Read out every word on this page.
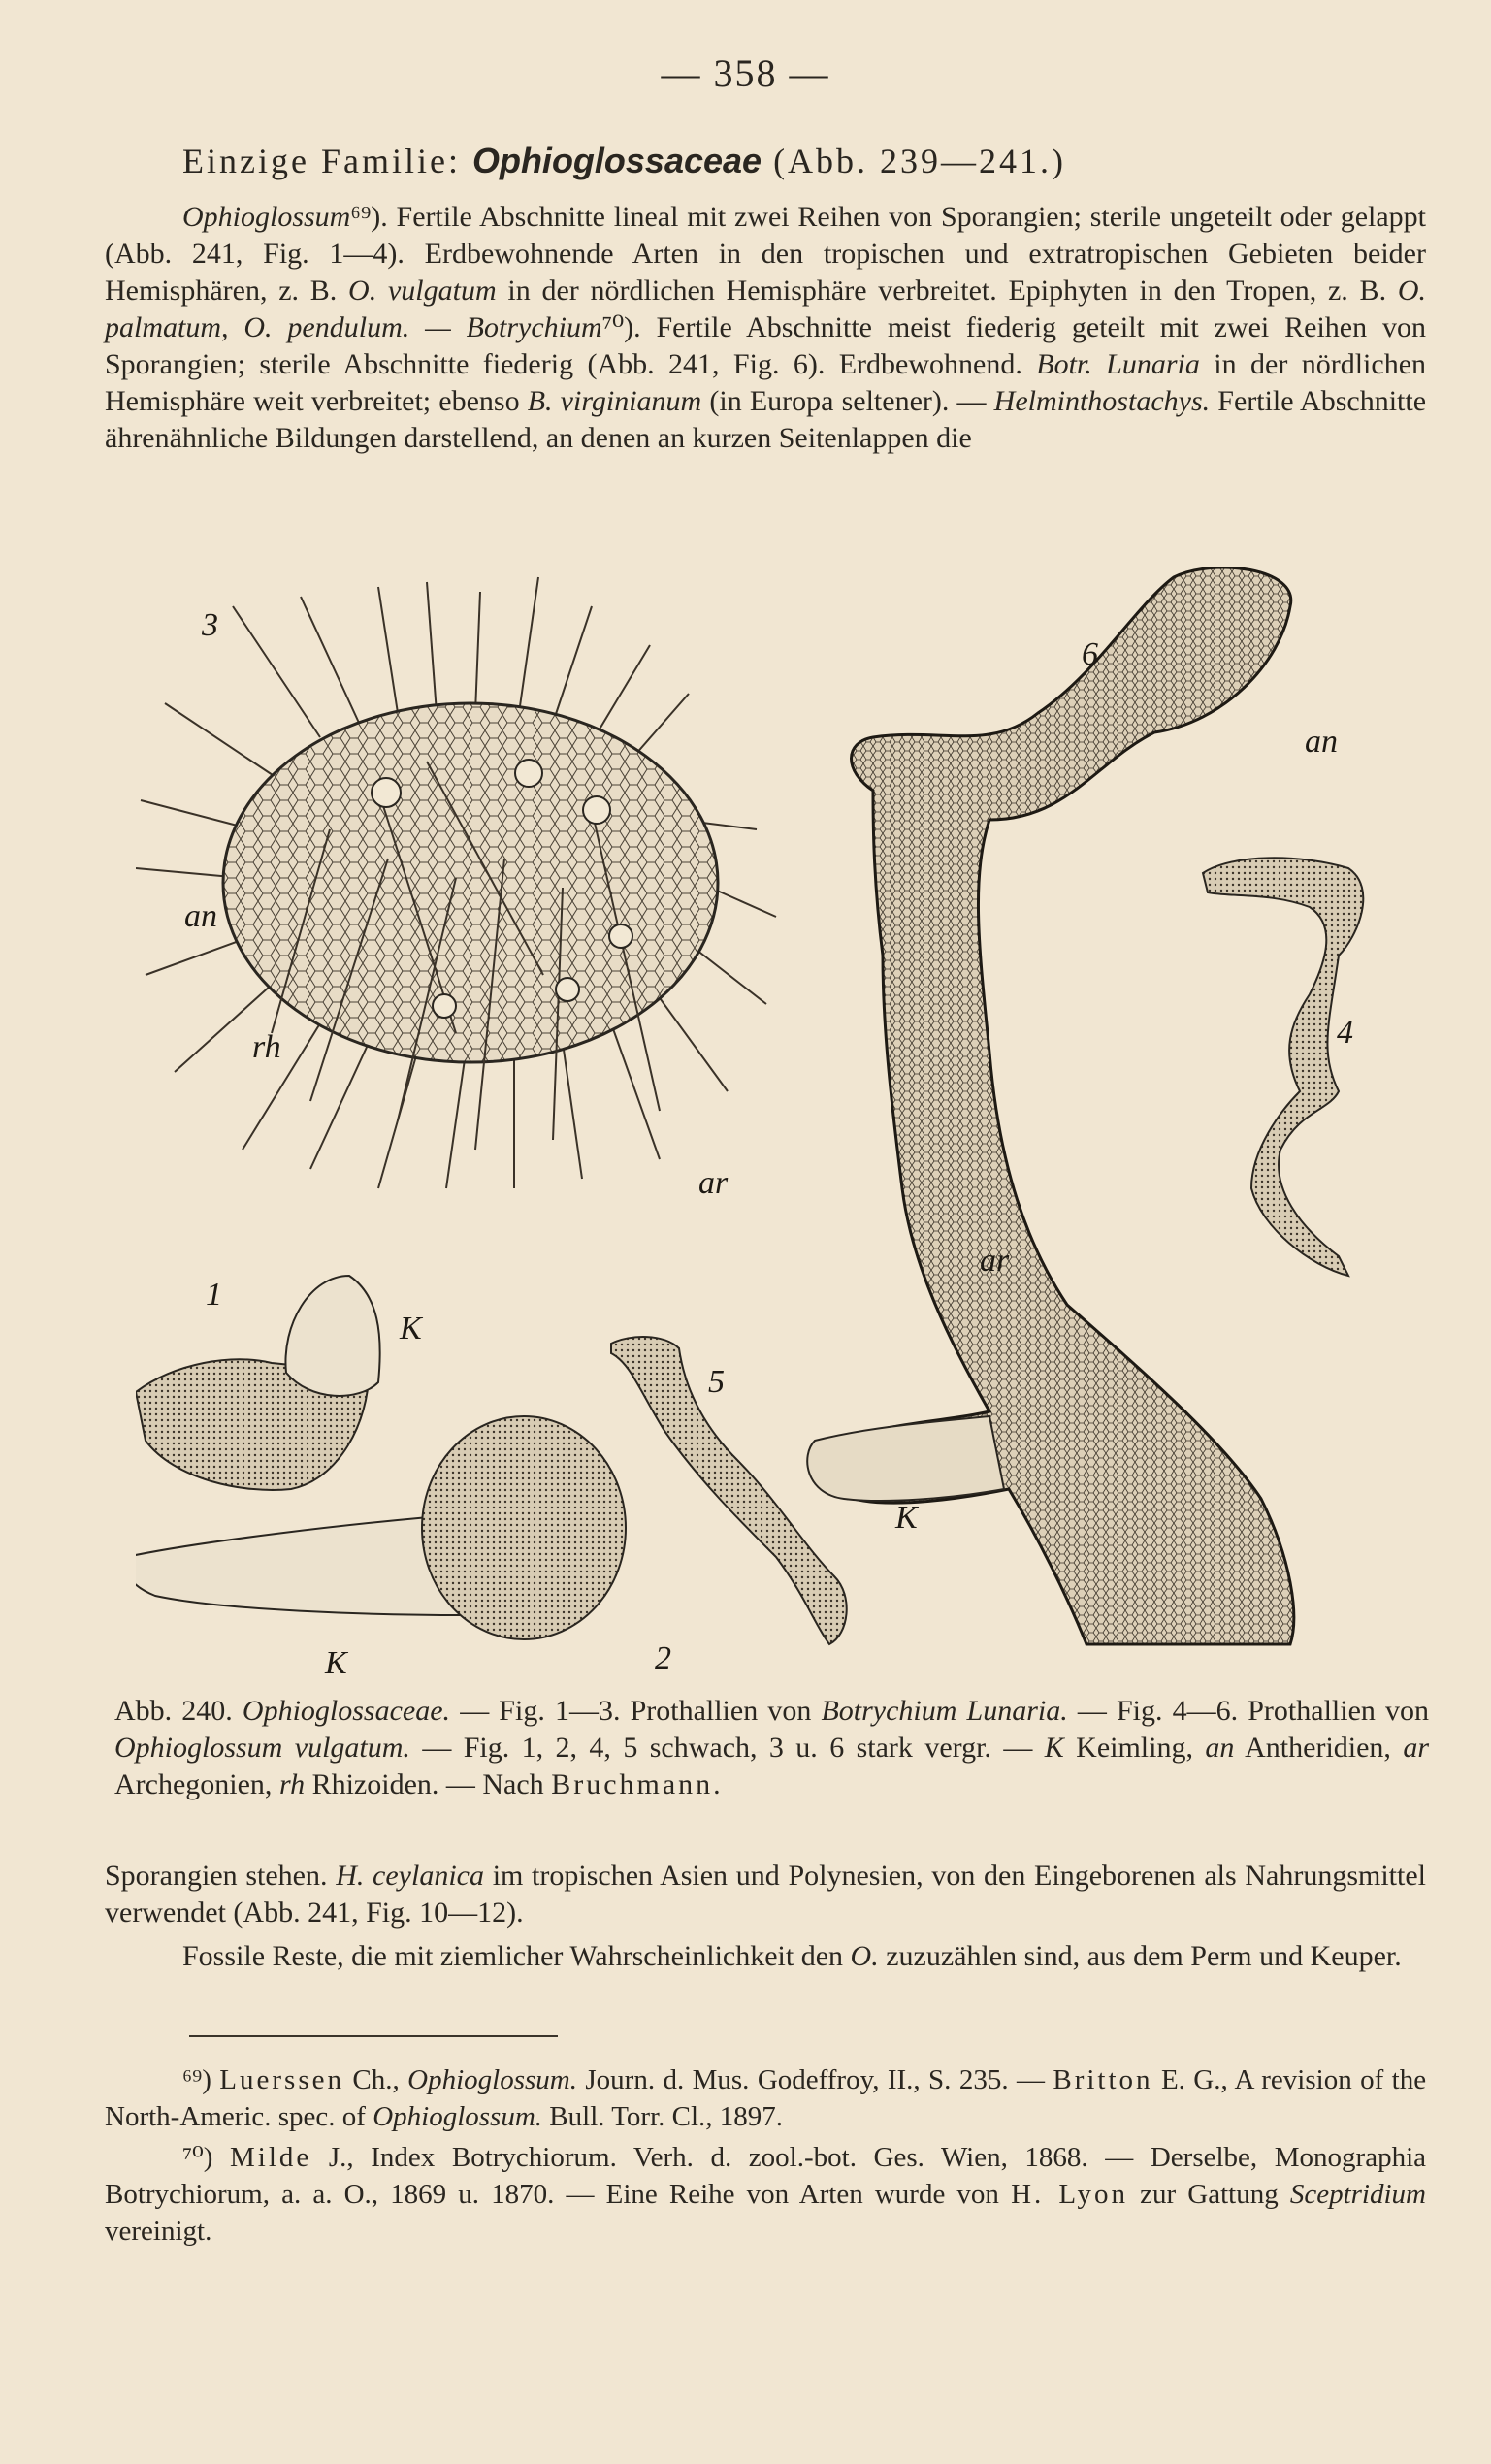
— 358 —
Einzige Familie: Ophioglossaceae (Abb. 239—241.)

Ophioglossum⁶⁹). Fertile Abschnitte lineal mit zwei Reihen von Sporangien; sterile ungeteilt oder gelappt (Abb. 241, Fig. 1—4). Erdbewohnende Arten in den tropischen und extratropischen Gebieten beider Hemisphären, z. B. O. vulgatum in der nördlichen Hemisphäre verbreitet. Epiphyten in den Tropen, z. B. O. palmatum, O. pendulum. — Botrychium⁷⁰). Fertile Abschnitte meist fiederig geteilt mit zwei Reihen von Sporangien; sterile Abschnitte fiederig (Abb. 241, Fig. 6). Erdbewohnend. Botr. Lunaria in der nördlichen Hemisphäre weit verbreitet; ebenso B. virginianum (in Europa seltener). — Helminthostachys. Fertile Abschnitte ährenähnliche Bildungen darstellend, an denen an kurzen Seitenlappen die

3
6
an
an
rh
ar
ar
4
1
K
5
K
K	2

Abb. 240. Ophioglossaceae. — Fig. 1—3. Prothallien von Botrychium Lunaria. — Fig. 4—6. Prothallien von Ophioglossum vulgatum. — Fig. 1, 2, 4, 5 schwach, 3 u. 6 stark vergr. — K Keimling, an Antheridien, ar Archegonien, rh Rhizoiden. — Nach Bruchmann.

Sporangien stehen. H. ceylanica im tropischen Asien und Polynesien, von den Eingeborenen als Nahrungsmittel verwendet (Abb. 241, Fig. 10—12).

Fossile Reste, die mit ziemlicher Wahrscheinlichkeit den O. zuzuzählen sind, aus dem Perm und Keuper.

⁶⁹) Luerssen Ch., Ophioglossum. Journ. d. Mus. Godeffroy, II., S. 235. — Britton E. G., A revision of the North-Americ. spec. of Ophioglossum. Bull. Torr. Cl., 1897.

⁷⁰) Milde J., Index Botrychiorum. Verh. d. zool.-bot. Ges. Wien, 1868. — Derselbe, Monographia Botrychiorum, a. a. O., 1869 u. 1870. — Eine Reihe von Arten wurde von H. Lyon zur Gattung Sceptridium vereinigt.
